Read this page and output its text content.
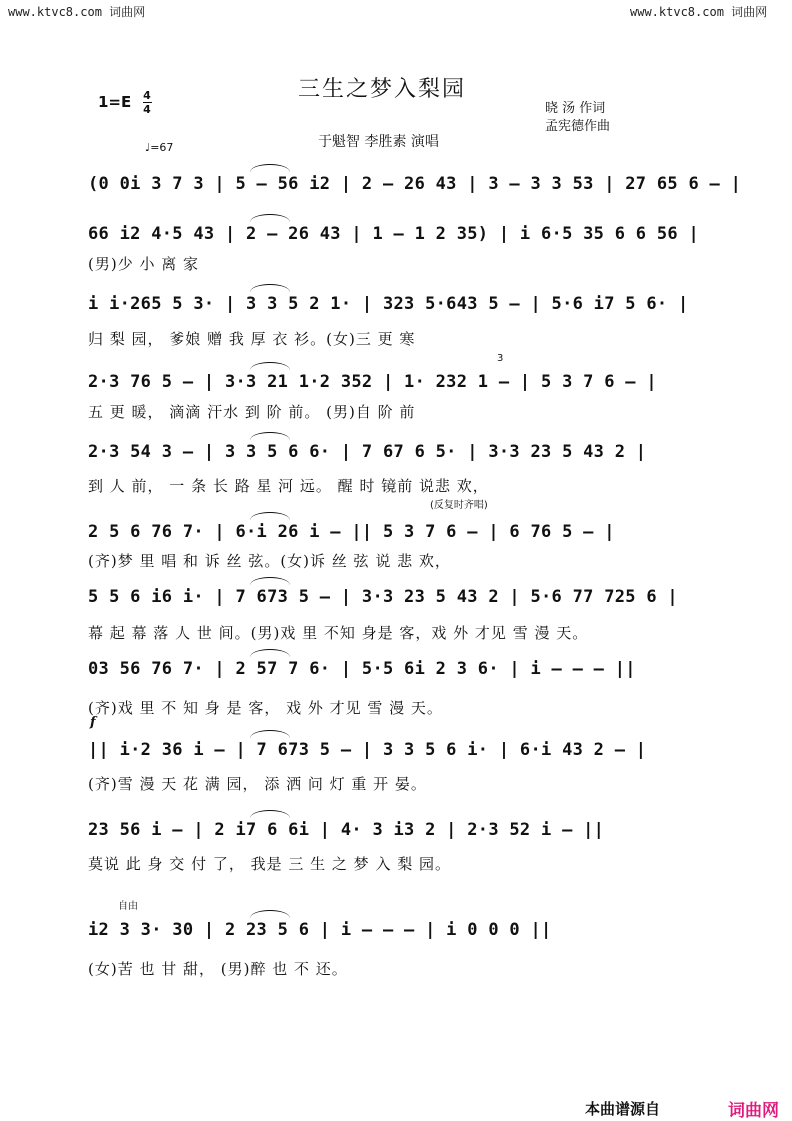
www.ktvc8.com 词曲网	www.ktvc8.com 词曲网
$1=E \frac{4}{4}$
三生之梦入梨园
晓 汤 作词
孟宪德作曲
于魁智 李胜素 演唱
♩=67
(反复时齐唱)
自由
f
3
(0 0i 3 7 3 | 5 – 56 i2 | 2 – 26 43 | 3 – 3 3 53 | 27 65 6 – |
66 i2 4·5 43 | 2 – 26 43 | 1 – 1 2 35) | i 6·5 35 6 6 56 |
(男)少 小 离 家
i i·265 5 3· | 3 3 5 2 1· | 323 5·643 5 – | 5·6 i7 5 6· |
归 梨 园， 爹娘 赠 我 厚 衣 衫。(女)三 更 寒
2·3 76 5 – | 3·3 21 1·2 352 | 1· 232 1 – | 5 3 7 6 – |
五 更 暖， 滴滴 汗水 到 阶 前。 (男)自 阶 前
2·3 54 3 – | 3 3 5 6 6· | 7 67 6 5· | 3·3 23 5 43 2 |
到 人 前， 一 条 长 路 星 河 远。 醒 时 镜前 说悲 欢，
2 5 6 76 7· | 6·i 26 i – || 5 3 7 6 – | 6 76 5 – |
(齐)梦 里 唱 和 诉 丝 弦。(女)诉 丝 弦 说 悲 欢，
5 5 6 i6 i· | 7 673 5 – | 3·3 23 5 43 2 | 5·6 77 725 6 |
幕 起 幕 落 人 世 间。(男)戏 里 不知 身是 客，戏 外 才见 雪 漫 天。
03 56 76 7· | 2 57 7 6· | 5·5 6i 2 3 6· | i – – – ||
(齐)戏 里 不 知 身 是 客， 戏 外 才见 雪 漫 天。
|| i·2 36 i – | 7 673 5 – | 3 3 5 6 i· | 6·i 43 2 – |
(齐)雪 漫 天 花 满 园， 添 洒 问 灯 重 开 晏。
23 56 i – | 2 i7 6 6i | 4· 3 i3 2 | 2·3 52 i – ||
莫说 此 身 交 付 了， 我是 三 生 之 梦 入 梨 园。
i2 3 3· 30 | 2 23 5 6 | i – – – | i 0 0 0 ||
(女)苦 也 甘 甜， (男)醉 也 不 还。
本曲谱源自	词曲网
